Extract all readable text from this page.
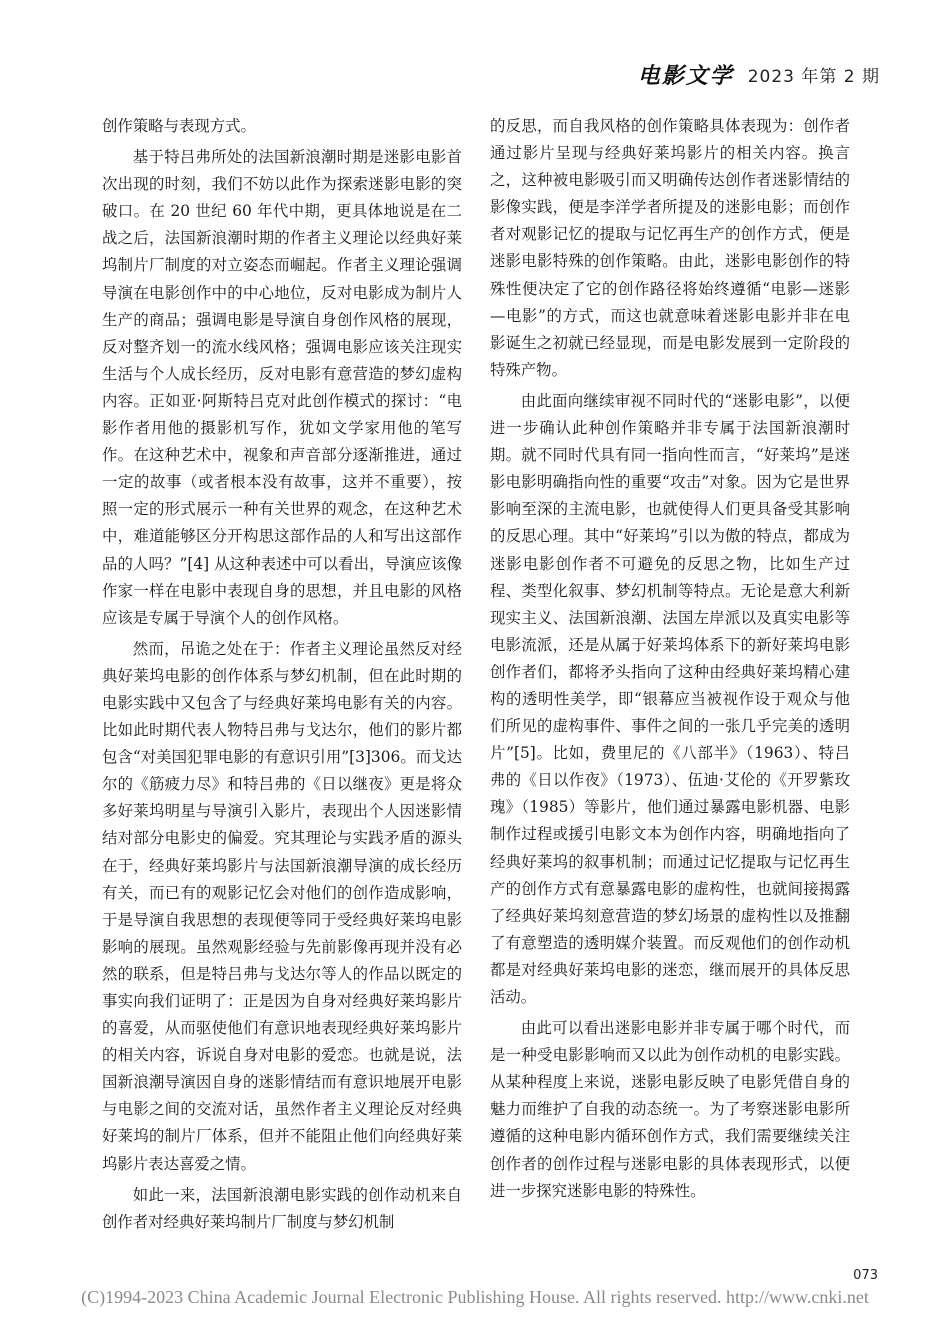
电影文学 2023 年第 2 期

创作策略与表现方式。

基于特吕弗所处的法国新浪潮时期是迷影电影首次出现的时刻，我们不妨以此作为探索迷影电影的突破口。在 20 世纪 60 年代中期，更具体地说是在二战之后，法国新浪潮时期的作者主义理论以经典好莱坞制片厂制度的对立姿态而崛起。作者主义理论强调导演在电影创作中的中心地位，反对电影成为制片人生产的商品；强调电影是导演自身创作风格的展现，反对整齐划一的流水线风格；强调电影应该关注现实生活与个人成长经历，反对电影有意营造的梦幻虚构内容。正如亚·阿斯特吕克对此创作模式的探讨：“电影作者用他的摄影机写作，犹如文学家用他的笔写作。在这种艺术中，视象和声音部分逐渐推进，通过一定的故事（或者根本没有故事，这并不重要），按照一定的形式展示一种有关世界的观念，在这种艺术中，难道能够区分开构思这部作品的人和写出这部作品的人吗？”[4] 从这种表述中可以看出，导演应该像作家一样在电影中表现自身的思想，并且电影的风格应该是专属于导演个人的创作风格。

然而，吊诡之处在于：作者主义理论虽然反对经典好莱坞电影的创作体系与梦幻机制，但在此时期的电影实践中又包含了与经典好莱坞电影有关的内容。比如此时期代表人物特吕弗与戈达尔，他们的影片都包含“对美国犯罪电影的有意识引用”[3]306。而戈达尔的《筋疲力尽》和特吕弗的《日以继夜》更是将众多好莱坞明星与导演引入影片，表现出个人因迷影情结对部分电影史的偏爱。究其理论与实践矛盾的源头在于，经典好莱坞影片与法国新浪潮导演的成长经历有关，而已有的观影记忆会对他们的创作造成影响，于是导演自我思想的表现便等同于受经典好莱坞电影影响的展现。虽然观影经验与先前影像再现并没有必然的联系，但是特吕弗与戈达尔等人的作品以既定的事实向我们证明了：正是因为自身对经典好莱坞影片的喜爱，从而驱使他们有意识地表现经典好莱坞影片的相关内容，诉说自身对电影的爱恋。也就是说，法国新浪潮导演因自身的迷影情结而有意识地展开电影与电影之间的交流对话，虽然作者主义理论反对经典好莱坞的制片厂体系，但并不能阻止他们向经典好莱坞影片表达喜爱之情。

如此一来，法国新浪潮电影实践的创作动机来自创作者对经典好莱坞制片厂制度与梦幻机制

的反思，而自我风格的创作策略具体表现为：创作者通过影片呈现与经典好莱坞影片的相关内容。换言之，这种被电影吸引而又明确传达创作者迷影情结的影像实践，便是李洋学者所提及的迷影电影；而创作者对观影记忆的提取与记忆再生产的创作方式，便是迷影电影特殊的创作策略。由此，迷影电影创作的特殊性便决定了它的创作路径将始终遵循“电影—迷影—电影”的方式，而这也就意味着迷影电影并非在电影诞生之初就已经显现，而是电影发展到一定阶段的特殊产物。

由此面向继续审视不同时代的“迷影电影”，以便进一步确认此种创作策略并非专属于法国新浪潮时期。就不同时代具有同一指向性而言，“好莱坞”是迷影电影明确指向性的重要“攻击”对象。因为它是世界影响至深的主流电影，也就使得人们更具备受其影响的反思心理。其中“好莱坞”引以为傲的特点，都成为迷影电影创作者不可避免的反思之物，比如生产过程、类型化叙事、梦幻机制等特点。无论是意大利新现实主义、法国新浪潮、法国左岸派以及真实电影等电影流派，还是从属于好莱坞体系下的新好莱坞电影创作者们，都将矛头指向了这种由经典好莱坞精心建构的透明性美学，即“银幕应当被视作设于观众与他们所见的虚构事件、事件之间的一张几乎完美的透明片”[5]。比如，费里尼的《八部半》（1963）、特吕弗的《日以作夜》（1973）、伍迪·艾伦的《开罗紫玫瑰》（1985）等影片，他们通过暴露电影机器、电影制作过程或援引电影文本为创作内容，明确地指向了经典好莱坞的叙事机制；而通过记忆提取与记忆再生产的创作方式有意暴露电影的虚构性，也就间接揭露了经典好莱坞刻意营造的梦幻场景的虚构性以及推翻了有意塑造的透明媒介装置。而反观他们的创作动机都是对经典好莱坞电影的迷恋，继而展开的具体反思活动。

由此可以看出迷影电影并非专属于哪个时代，而是一种受电影影响而又以此为创作动机的电影实践。从某种程度上来说，迷影电影反映了电影凭借自身的魅力而维护了自我的动态统一。为了考察迷影电影所遵循的这种电影内循环创作方式，我们需要继续关注创作者的创作过程与迷影电影的具体表现形式，以便进一步探究迷影电影的特殊性。

073
(C)1994-2023 China Academic Journal Electronic Publishing House. All rights reserved. http://www.cnki.net
